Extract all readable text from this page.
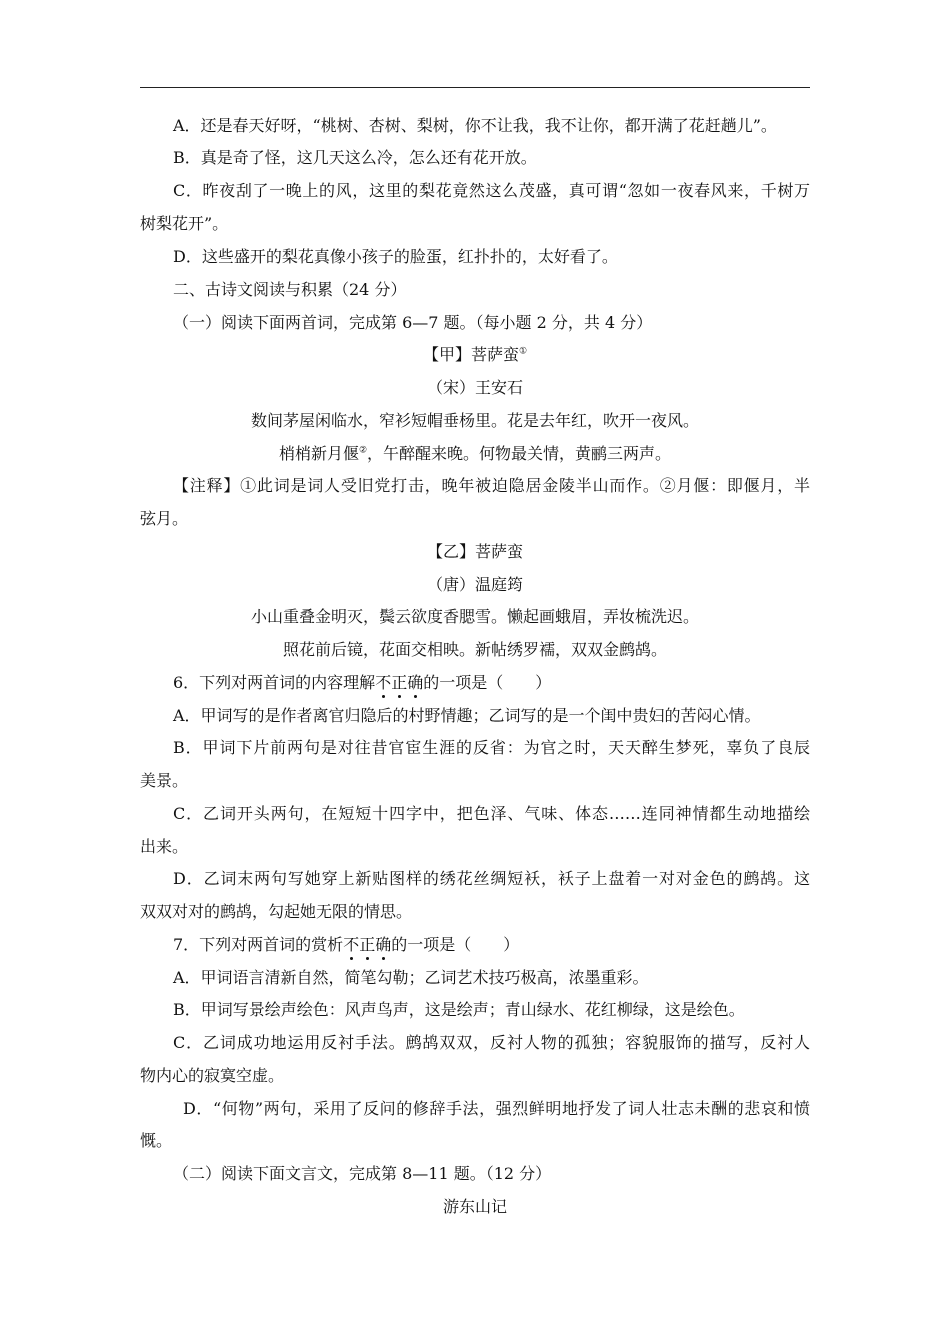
A．还是春天好呀，“桃树、杏树、梨树，你不让我，我不让你，都开满了花赶趟儿”。
B．真是奇了怪，这几天这么冷，怎么还有花开放。
C．昨夜刮了一晚上的风，这里的梨花竟然这么茂盛，真可谓“忽如一夜春风来，千树万
树梨花开”。
D．这些盛开的梨花真像小孩子的脸蛋，红扑扑的，太好看了。
二、古诗文阅读与积累（24 分）
（一）阅读下面两首词，完成第 6—7 题。（每小题 2 分，共 4 分）
【甲】菩萨蛮①
（宋）王安石
数间茅屋闲临水，窄衫短帽垂杨里。花是去年红，吹开一夜风。
梢梢新月偃②，午醉醒来晚。何物最关情，黄鹂三两声。
【注释】①此词是词人受旧党打击，晚年被迫隐居金陵半山而作。②月偃：即偃月，半
弦月。
【乙】菩萨蛮
（唐）温庭筠
小山重叠金明灭，鬓云欲度香腮雪。懒起画蛾眉，弄妆梳洗迟。
照花前后镜，花面交相映。新帖绣罗襦，双双金鹧鸪。
6．下列对两首词的内容理解不正确的一项是（　　）
A．甲词写的是作者离官归隐后的村野情趣；乙词写的是一个闺中贵妇的苦闷心情。
B．甲词下片前两句是对往昔官宦生涯的反省：为官之时，天天醉生梦死，辜负了良辰
美景。
C．乙词开头两句，在短短十四字中，把色泽、气味、体态……连同神情都生动地描绘
出来。
D．乙词末两句写她穿上新贴图样的绣花丝绸短袄，袄子上盘着一对对金色的鹧鸪。这
双双对对的鹧鸪，勾起她无限的情思。
7．下列对两首词的赏析不正确的一项是（　　）
A．甲词语言清新自然，简笔勾勒；乙词艺术技巧极高，浓墨重彩。
B．甲词写景绘声绘色：风声鸟声，这是绘声；青山绿水、花红柳绿，这是绘色。
C．乙词成功地运用反衬手法。鹧鸪双双，反衬人物的孤独；容貌服饰的描写，反衬人
物内心的寂寞空虚。
D．“何物”两句，采用了反问的修辞手法，强烈鲜明地抒发了词人壮志未酬的悲哀和愤
慨。
（二）阅读下面文言文，完成第 8—11 题。（12 分）
游东山记
